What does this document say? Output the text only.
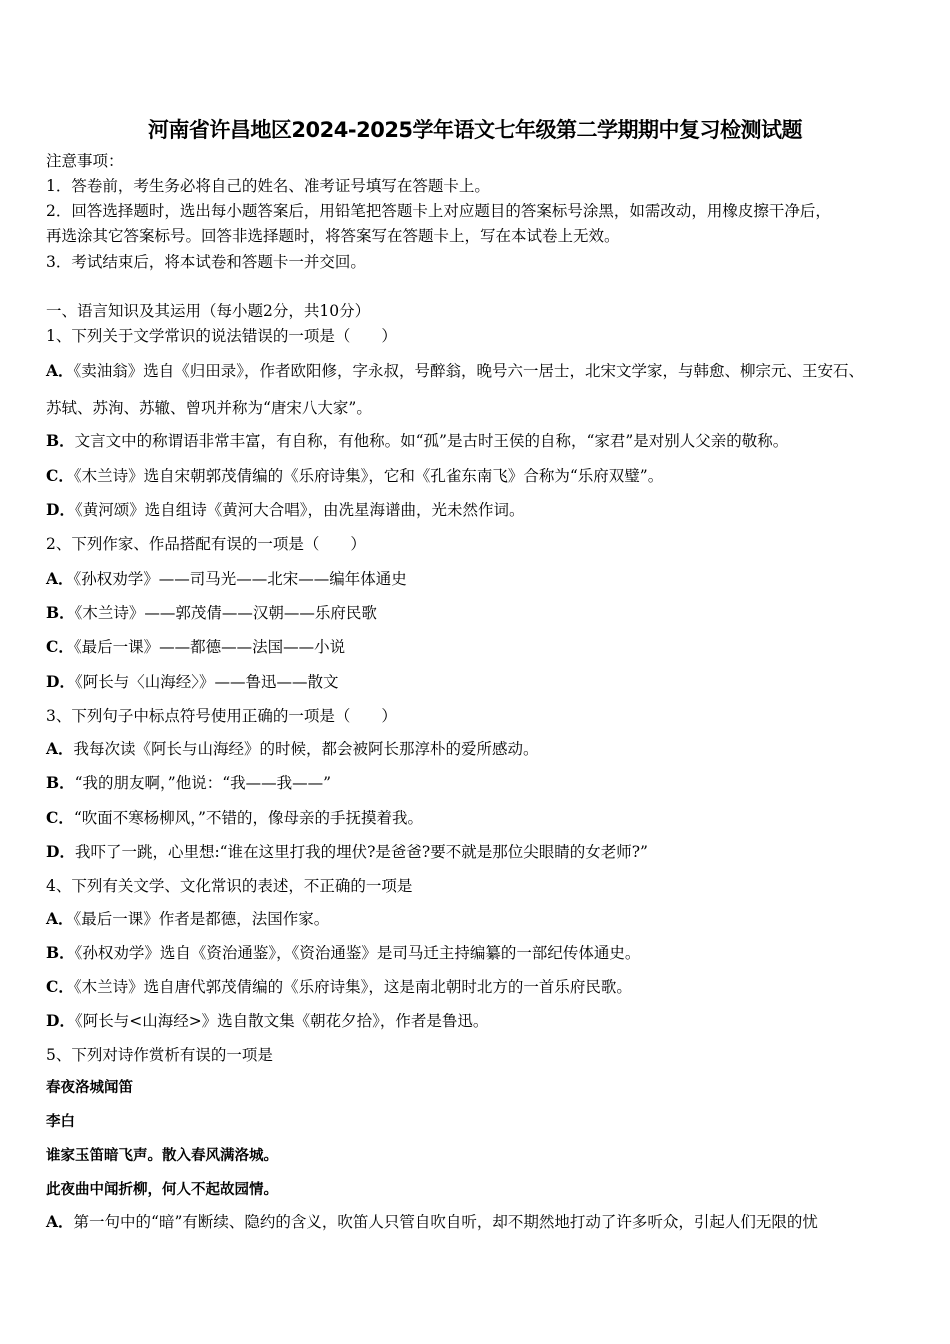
河南省许昌地区2024-2025学年语文七年级第二学期期中复习检测试题
注意事项：
1．答卷前，考生务必将自己的姓名、准考证号填写在答题卡上。
2．回答选择题时，选出每小题答案后，用铅笔把答题卡上对应题目的答案标号涂黑，如需改动，用橡皮擦干净后，
再选涂其它答案标号。回答非选择题时，将答案写在答题卡上，写在本试卷上无效。
3．考试结束后，将本试卷和答题卡一并交回。
一、语言知识及其运用（每小题2分，共10分）
1、下列关于文学常识的说法错误的一项是（　　）
A．《卖油翁》选自《归田录》，作者欧阳修，字永叔，号醉翁，晚号六一居士，北宋文学家，与韩愈、柳宗元、王安石、
苏轼、苏洵、苏辙、曾巩并称为“唐宋八大家”。
B．文言文中的称谓语非常丰富，有自称，有他称。如“孤”是古时王侯的自称，“家君”是对别人父亲的敬称。
C．《木兰诗》选自宋朝郭茂倩编的《乐府诗集》，它和《孔雀东南飞》合称为“乐府双璧”。
D．《黄河颂》选自组诗《黄河大合唱》，由冼星海谱曲，光未然作词。
2、下列作家、作品搭配有误的一项是（　　）
A．《孙权劝学》——司马光——北宋——编年体通史
B．《木兰诗》——郭茂倩——汉朝——乐府民歌
C．《最后一课》——都德——法国——小说
D．《阿长与〈山海经〉》——鲁迅——散文
3、下列句子中标点符号使用正确的一项是（　　）
A．我每次读《阿长与山海经》的时候，都会被阿长那淳朴的爱所感动。
B．“我的朋友啊，”他说：“我——我——”
C．“吹面不寒杨柳风，”不错的，像母亲的手抚摸着我。
D．我吓了一跳，心里想:“谁在这里打我的埋伏?是爸爸?要不就是那位尖眼睛的女老师?”
4、下列有关文学、文化常识的表述，不正确的一项是
A．《最后一课》作者是都德，法国作家。
B．《孙权劝学》选自《资治通鉴》，《资治通鉴》是司马迁主持编纂的一部纪传体通史。
C．《木兰诗》选自唐代郭茂倩编的《乐府诗集》，这是南北朝时北方的一首乐府民歌。
D．《阿长与<山海经>》选自散文集《朝花夕拾》，作者是鲁迅。
5、下列对诗作赏析有误的一项是
春夜洛城闻笛
李白
谁家玉笛暗飞声。散入春风满洛城。
此夜曲中闻折柳，何人不起故园情。
A．第一句中的“暗”有断续、隐约的含义，吹笛人只管自吹自听，却不期然地打动了许多听众，引起人们无限的忧
